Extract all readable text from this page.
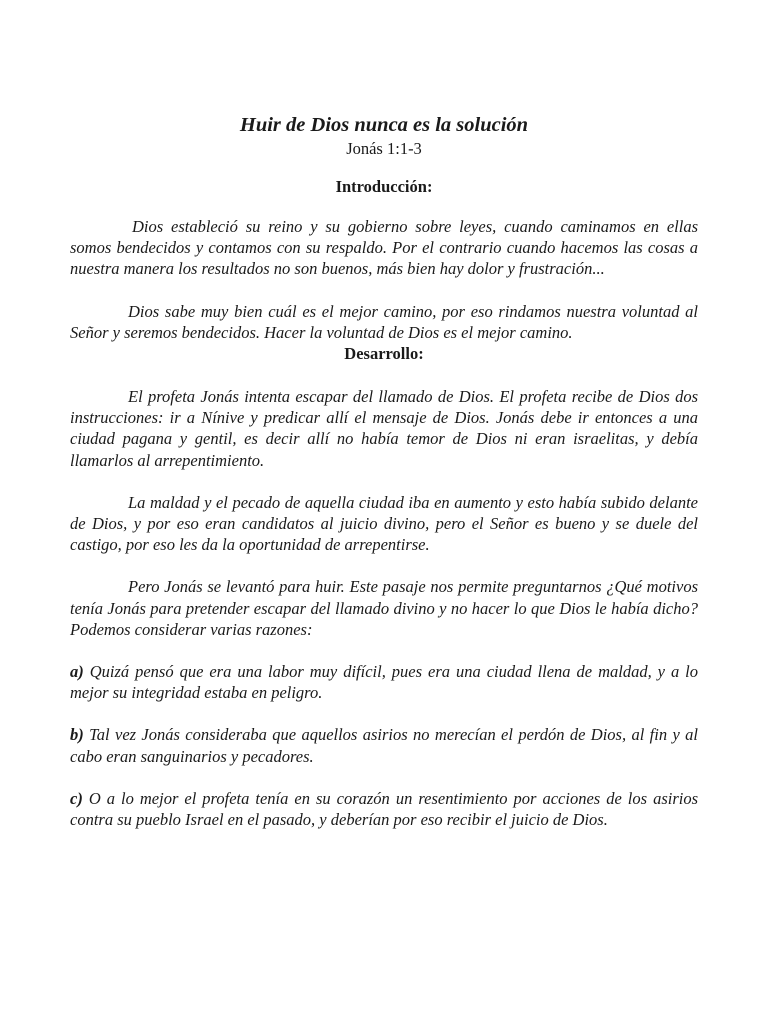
Huir de Dios nunca es la solución

Jonás 1:1-3

Introducción:

Dios estableció su reino y su gobierno sobre leyes, cuando caminamos en ellas somos bendecidos y contamos con su respaldo. Por el contrario cuando hacemos las cosas a nuestra manera los resultados no son buenos, más bien hay dolor y frustración...

Dios sabe muy bien cuál es el mejor camino, por eso rindamos nuestra voluntad al Señor y seremos bendecidos. Hacer la voluntad de Dios es el mejor camino.

Desarrollo:

El profeta Jonás intenta escapar del llamado de Dios. El profeta recibe de Dios dos instrucciones: ir a Nínive y predicar allí el mensaje de Dios. Jonás debe ir entonces a una ciudad pagana y gentil, es decir allí no había temor de Dios ni eran israelitas, y debía llamarlos al arrepentimiento.

La maldad y el pecado de aquella ciudad iba en aumento y esto había subido delante de Dios, y por eso eran candidatos al juicio divino, pero el Señor es bueno y se duele del castigo, por eso les da la oportunidad de arrepentirse.

Pero Jonás se levantó para huir. Este pasaje nos permite preguntarnos ¿Qué motivos tenía Jonás para pretender escapar del llamado divino y no hacer lo que Dios le había dicho? Podemos considerar varias razones:

a) Quizá pensó que era una labor muy difícil, pues era una ciudad llena de maldad, y a lo mejor su integridad estaba en peligro.

b) Tal vez Jonás consideraba que aquellos asirios no merecían el perdón de Dios, al fin y al cabo eran sanguinarios y pecadores.

c) O a lo mejor el profeta tenía en su corazón un resentimiento por acciones de los asirios contra su pueblo Israel en el pasado, y deberían por eso recibir el juicio de Dios.
